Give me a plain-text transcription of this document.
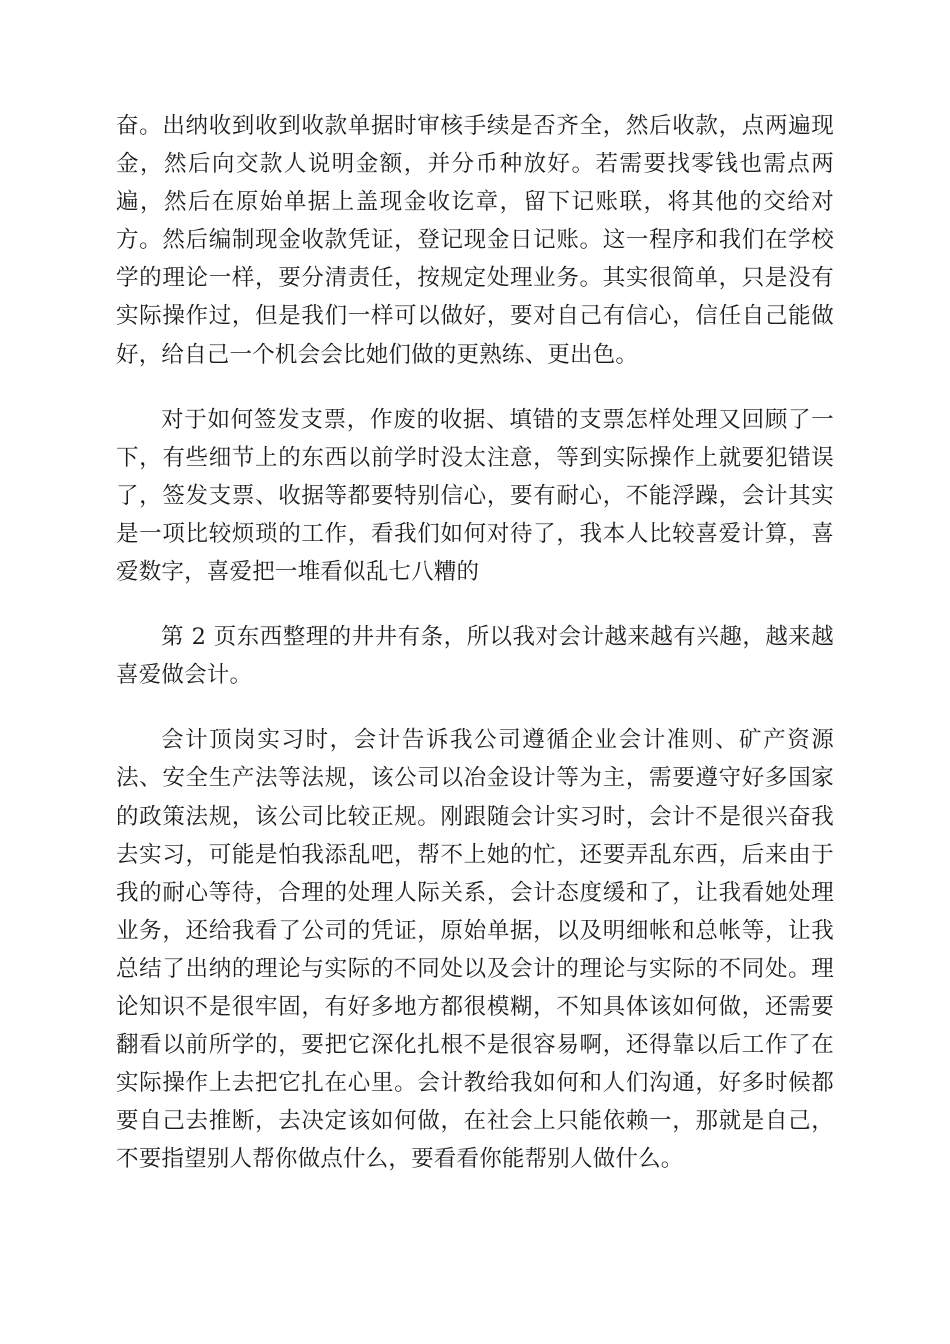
奋。出纳收到收到收款单据时审核手续是否齐全，然后收款，点两遍现金，然后向交款人说明金额，并分币种放好。若需要找零钱也需点两遍，然后在原始单据上盖现金收讫章，留下记账联，将其他的交给对方。然后编制现金收款凭证，登记现金日记账。这一程序和我们在学校学的理论一样，要分清责任，按规定处理业务。其实很简单，只是没有实际操作过，但是我们一样可以做好，要对自己有信心，信任自己能做好，给自己一个机会会比她们做的更熟练、更出色。

对于如何签发支票，作废的收据、填错的支票怎样处理又回顾了一下，有些细节上的东西以前学时没太注意，等到实际操作上就要犯错误了，签发支票、收据等都要特别信心，要有耐心，不能浮躁，会计其实是一项比较烦琐的工作，看我们如何对待了，我本人比较喜爱计算，喜爱数字，喜爱把一堆看似乱七八糟的

第 2 页东西整理的井井有条，所以我对会计越来越有兴趣，越来越喜爱做会计。

会计顶岗实习时，会计告诉我公司遵循企业会计准则、矿产资源法、安全生产法等法规，该公司以冶金设计等为主，需要遵守好多国家的政策法规，该公司比较正规。刚跟随会计实习时，会计不是很兴奋我去实习，可能是怕我添乱吧，帮不上她的忙，还要弄乱东西，后来由于我的耐心等待，合理的处理人际关系，会计态度缓和了，让我看她处理业务，还给我看了公司的凭证，原始单据，以及明细帐和总帐等，让我总结了出纳的理论与实际的不同处以及会计的理论与实际的不同处。理论知识不是很牢固，有好多地方都很模糊，不知具体该如何做，还需要翻看以前所学的，要把它深化扎根不是很容易啊，还得靠以后工作了在实际操作上去把它扎在心里。会计教给我如何和人们沟通，好多时候都要自己去推断，去决定该如何做，在社会上只能依赖一，那就是自己，不要指望别人帮你做点什么，要看看你能帮别人做什么。
